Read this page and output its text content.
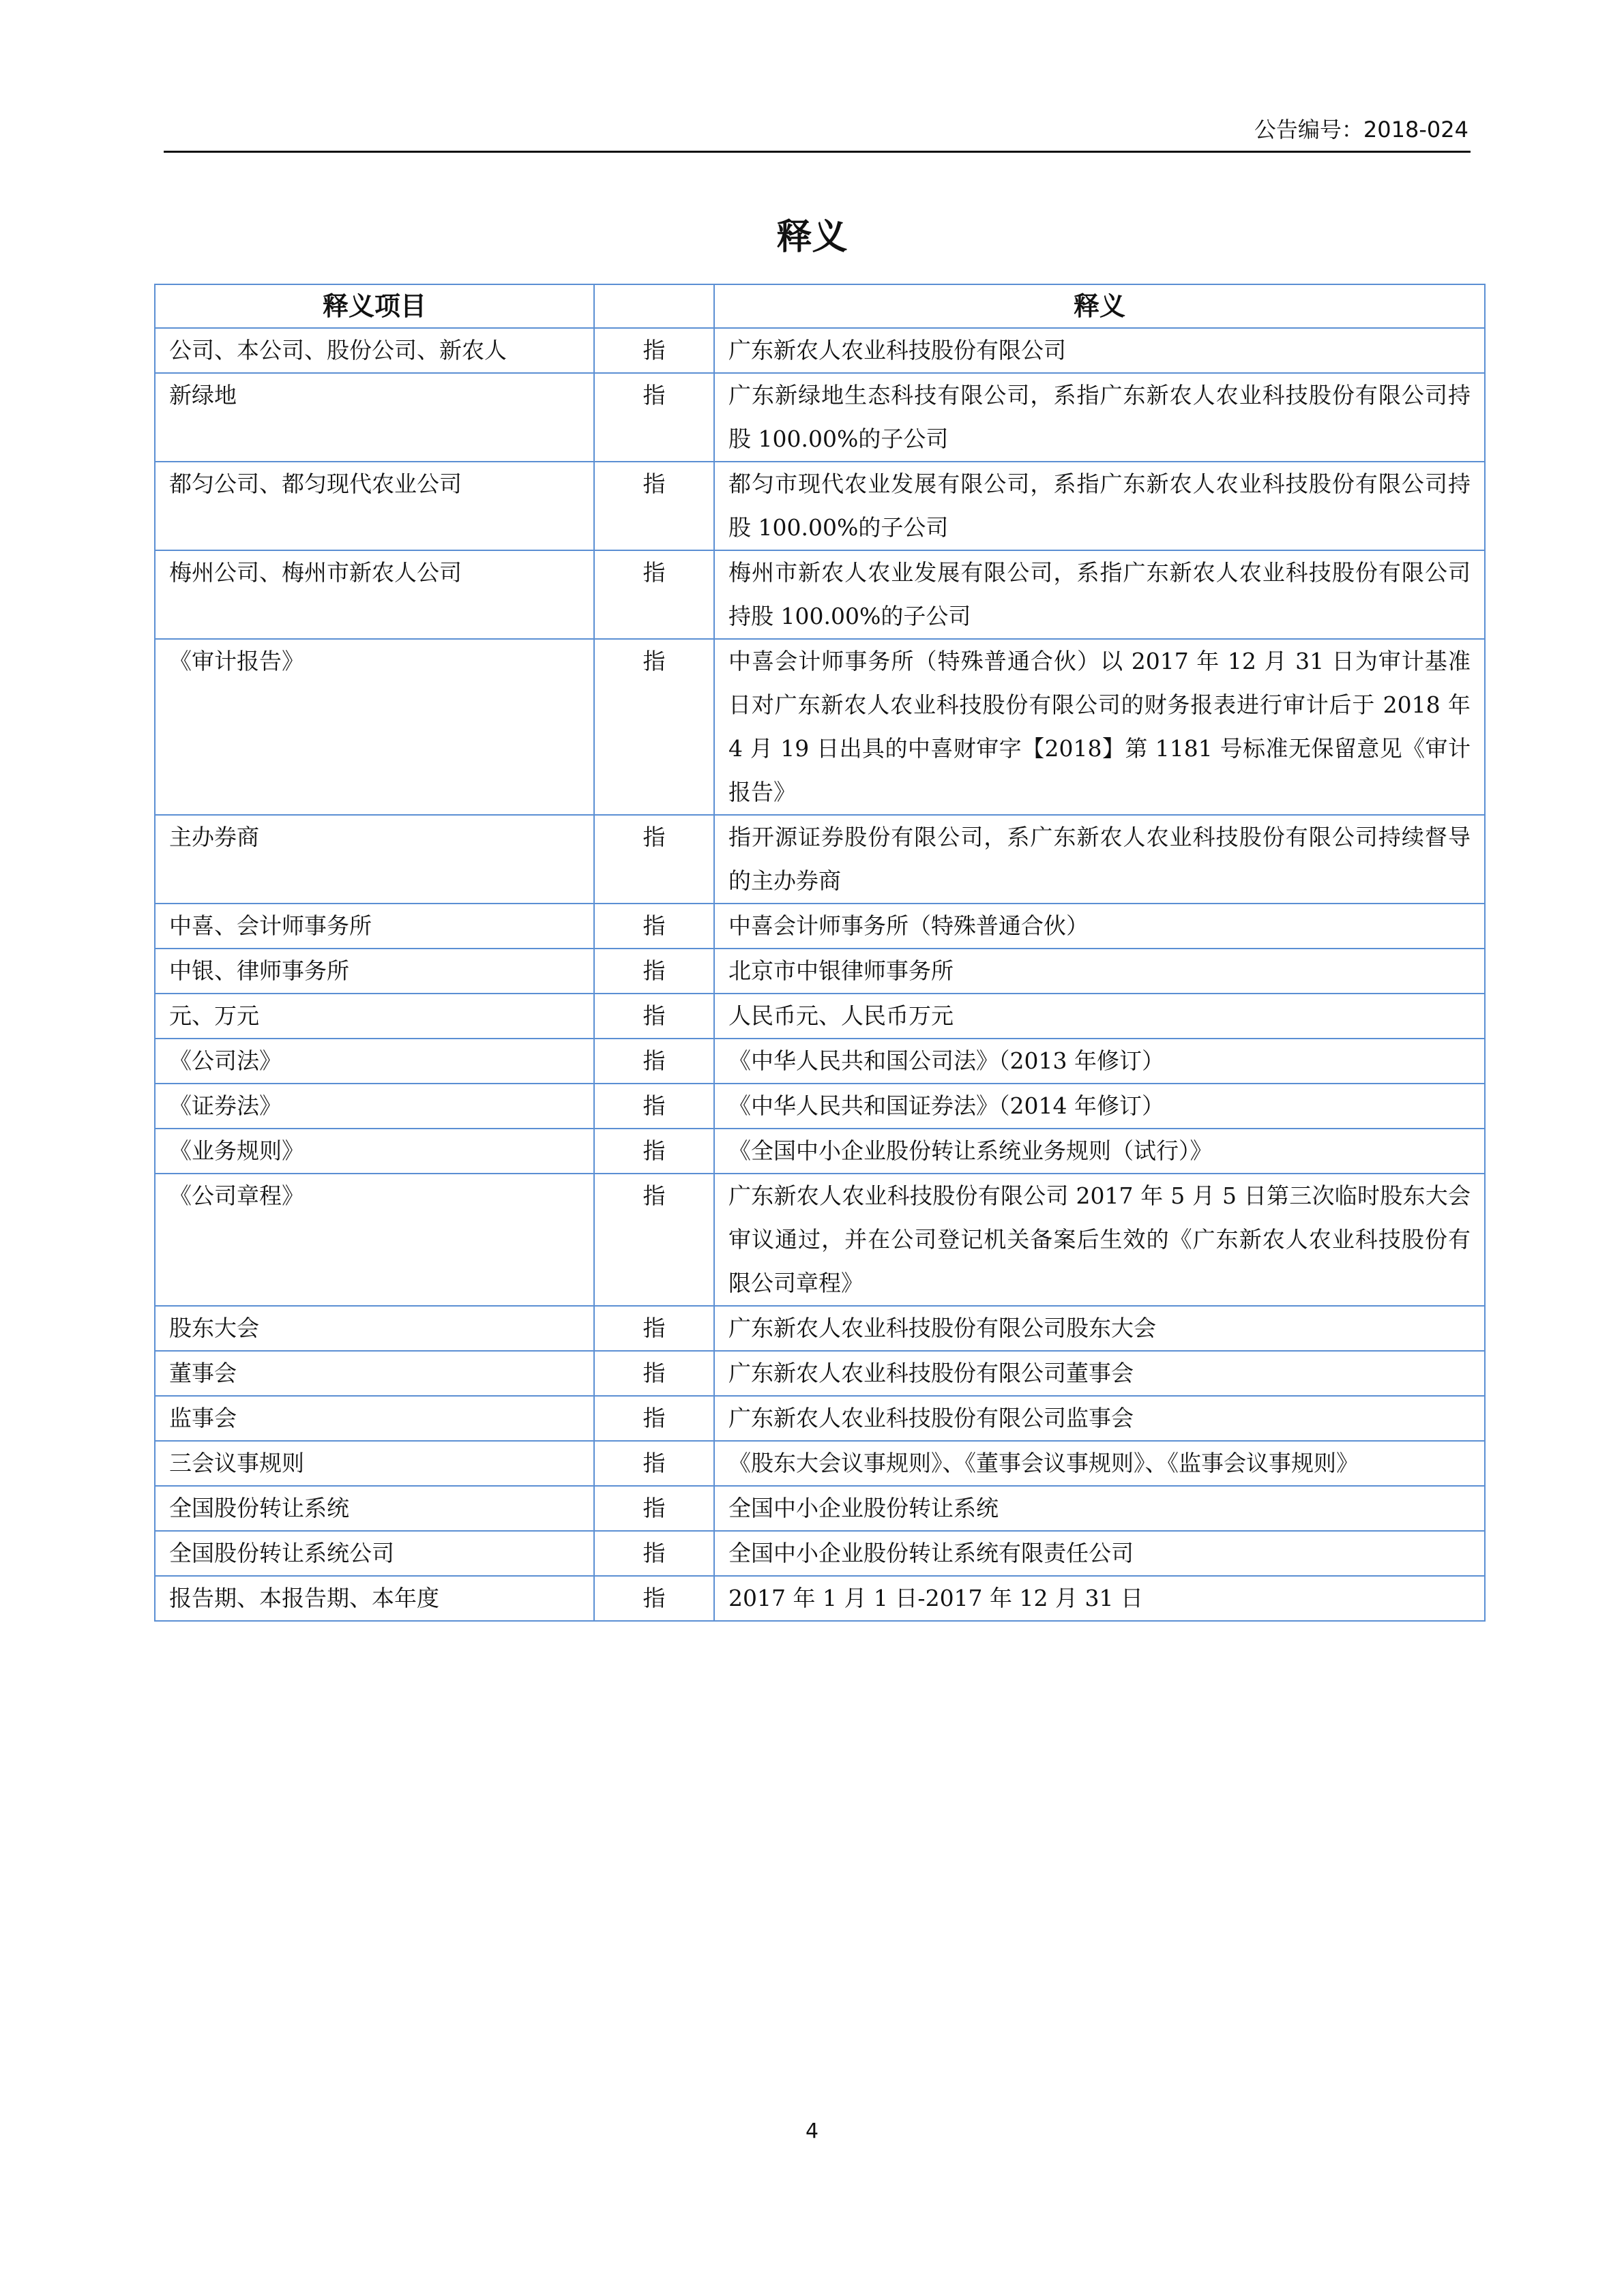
公告编号：2018-024
释义
释义项目		释义
公司、本公司、股份公司、新农人	指	广东新农人农业科技股份有限公司
新绿地	指	广东新绿地生态科技有限公司，系指广东新农人农业科技股份有限公司持股 100.00%的子公司
都匀公司、都匀现代农业公司	指	都匀市现代农业发展有限公司，系指广东新农人农业科技股份有限公司持股 100.00%的子公司
梅州公司、梅州市新农人公司	指	梅州市新农人农业发展有限公司，系指广东新农人农业科技股份有限公司持股 100.00%的子公司
《审计报告》	指	中喜会计师事务所（特殊普通合伙）以 2017 年 12 月 31 日为审计基准日对广东新农人农业科技股份有限公司的财务报表进行审计后于 2018 年 4 月 19 日出具的中喜财审字【2018】第 1181 号标准无保留意见《审计报告》
主办券商	指	指开源证券股份有限公司，系广东新农人农业科技股份有限公司持续督导的主办券商
中喜、会计师事务所	指	中喜会计师事务所（特殊普通合伙）
中银、律师事务所	指	北京市中银律师事务所
元、万元	指	人民币元、人民币万元
《公司法》	指	《中华人民共和国公司法》（2013 年修订）
《证券法》	指	《中华人民共和国证券法》（2014 年修订）
《业务规则》	指	《全国中小企业股份转让系统业务规则（试行）》
《公司章程》	指	广东新农人农业科技股份有限公司 2017 年 5 月 5 日第三次临时股东大会审议通过，并在公司登记机关备案后生效的《广东新农人农业科技股份有限公司章程》
股东大会	指	广东新农人农业科技股份有限公司股东大会
董事会	指	广东新农人农业科技股份有限公司董事会
监事会	指	广东新农人农业科技股份有限公司监事会
三会议事规则	指	《股东大会议事规则》、《董事会议事规则》、《监事会议事规则》
全国股份转让系统	指	全国中小企业股份转让系统
全国股份转让系统公司	指	全国中小企业股份转让系统有限责任公司
报告期、本报告期、本年度	指	2017 年 1 月 1 日-2017 年 12 月 31 日
4
